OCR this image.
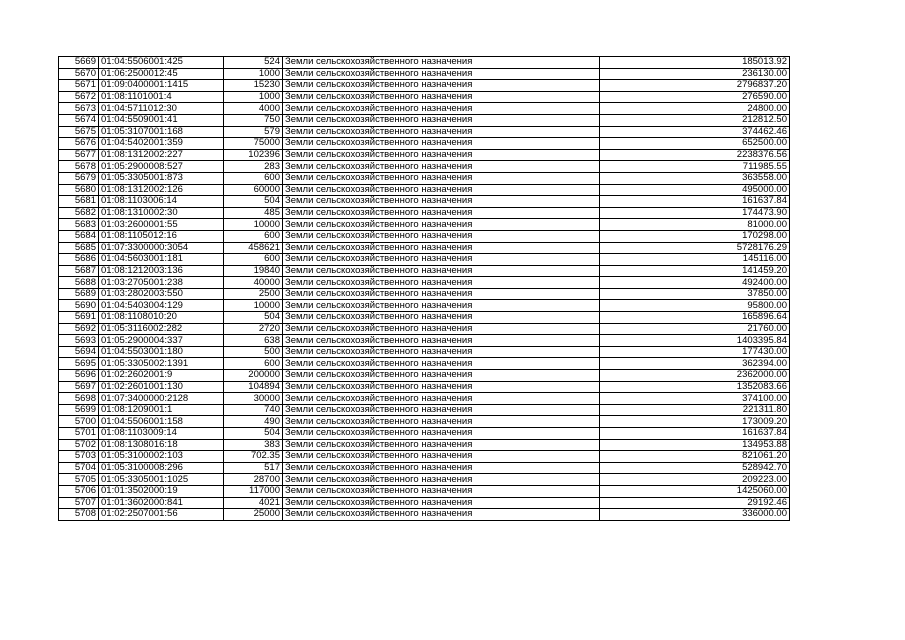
5669	01:04:5506001:425	524	Земли сельскохозяйственного назначения	185013.92
5670	01:06:2500012:45	1000	Земли сельскохозяйственного назначения	236130.00
5671	01:09:0400001:1415	15230	Земли сельскохозяйственного назначения	2796837.20
5672	01:08:1101001:4	1000	Земли сельскохозяйственного назначения	276590.00
5673	01:04:5711012:30	4000	Земли сельскохозяйственного назначения	24800.00
5674	01:04:5509001:41	750	Земли сельскохозяйственного назначения	212812.50
5675	01:05:3107001:168	579	Земли сельскохозяйственного назначения	374462.46
5676	01:04:5402001:359	75000	Земли сельскохозяйственного назначения	652500.00
5677	01:08:1312002:227	102396	Земли сельскохозяйственного назначения	2238376.56
5678	01:05:2900008:527	283	Земли сельскохозяйственного назначения	711985.55
5679	01:05:3305001:873	600	Земли сельскохозяйственного назначения	363558.00
5680	01:08:1312002:126	60000	Земли сельскохозяйственного назначения	495000.00
5681	01:08:1103006:14	504	Земли сельскохозяйственного назначения	161637.84
5682	01:08:1310002:30	485	Земли сельскохозяйственного назначения	174473.90
5683	01:03:2600001:55	10000	Земли сельскохозяйственного назначения	81000.00
5684	01:08:1105012:16	600	Земли сельскохозяйственного назначения	170298.00
5685	01:07:3300000:3054	458621	Земли сельскохозяйственного назначения	5728176.29
5686	01:04:5603001:181	600	Земли сельскохозяйственного назначения	145116.00
5687	01:08:1212003:136	19840	Земли сельскохозяйственного назначения	141459.20
5688	01:03:2705001:238	40000	Земли сельскохозяйственного назначения	492400.00
5689	01:03:2802003:550	2500	Земли сельскохозяйственного назначения	37850.00
5690	01:04:5403004:129	10000	Земли сельскохозяйственного назначения	95800.00
5691	01:08:1108010:20	504	Земли сельскохозяйственного назначения	165896.64
5692	01:05:3116002:282	2720	Земли сельскохозяйственного назначения	21760.00
5693	01:05:2900004:337	638	Земли сельскохозяйственного назначения	1403395.84
5694	01:04:5503001:180	500	Земли сельскохозяйственного назначения	177430.00
5695	01:05:3305002:1391	600	Земли сельскохозяйственного назначения	362394.00
5696	01:02:2602001:9	200000	Земли сельскохозяйственного назначения	2362000.00
5697	01:02:2601001:130	104894	Земли сельскохозяйственного назначения	1352083.66
5698	01:07:3400000:2128	30000	Земли сельскохозяйственного назначения	374100.00
5699	01:08:1209001:1	740	Земли сельскохозяйственного назначения	221311.80
5700	01:04:5506001:158	490	Земли сельскохозяйственного назначения	173009.20
5701	01:08:1103009:14	504	Земли сельскохозяйственного назначения	161637.84
5702	01:08:1308016:18	383	Земли сельскохозяйственного назначения	134953.88
5703	01:05:3100002:103	702.35	Земли сельскохозяйственного назначения	821061.20
5704	01:05:3100008:296	517	Земли сельскохозяйственного назначения	528942.70
5705	01:05:3305001:1025	28700	Земли сельскохозяйственного назначения	209223.00
5706	01:01:3502000:19	117000	Земли сельскохозяйственного назначения	1425060.00
5707	01:01:3602000:841	4021	Земли сельскохозяйственного назначения	29192.46
5708	01:02:2507001:56	25000	Земли сельскохозяйственного назначения	336000.00
